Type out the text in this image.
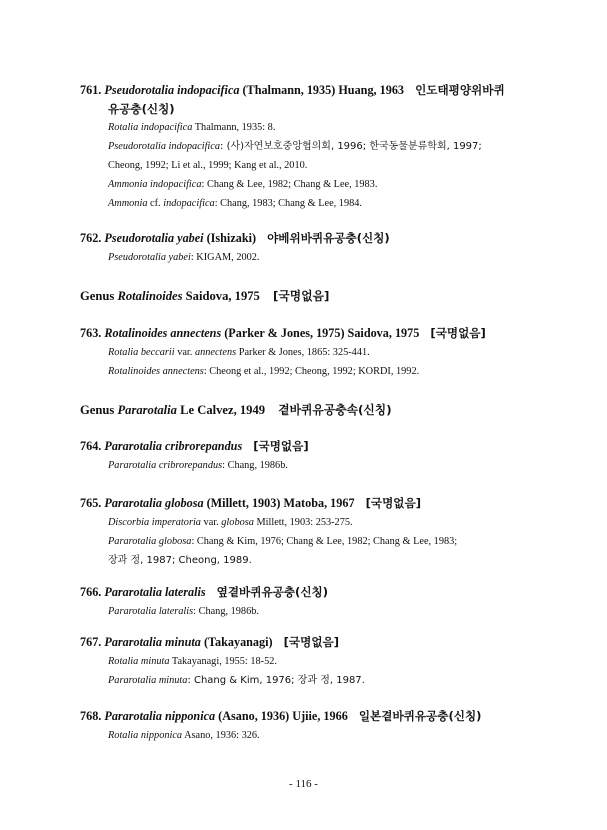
761. Pseudorotalia indopacifica (Thalmann, 1935) Huang, 1963 인도태평양위바퀴
유공충(신칭)
Rotalia indopacifica Thalmann, 1935: 8.
Pseudorotalia indopacifica: (사)자연보호중앙협의회, 1996; 한국동물분류학회, 1997;
Cheong, 1992; Li et al., 1999; Kang et al., 2010.
Ammonia indopacifica: Chang & Lee, 1982; Chang & Lee, 1983.
Ammonia cf. indopacifica: Chang, 1983; Chang & Lee, 1984.
762. Pseudorotalia yabei (Ishizaki) 야베위바퀴유공충(신칭)
Pseudorotalia yabei: KIGAM, 2002.
Genus Rotalinoides Saidova, 1975 [국명없음]
763. Rotalinoides annectens (Parker & Jones, 1975) Saidova, 1975 [국명없음]
Rotalia beccarii var. annectens Parker & Jones, 1865: 325-441.
Rotalinoides annectens: Cheong et al., 1992; Cheong, 1992; KORDI, 1992.
Genus Pararotalia Le Calvez, 1949 곁바퀴유공충속(신칭)
764. Pararotalia cribrorepandus [국명없음]
Pararotalia cribrorepandus: Chang, 1986b.
765. Pararotalia globosa (Millett, 1903) Matoba, 1967 [국명없음]
Discorbia imperatoria var. globosa Millett, 1903: 253-275.
Pararotalia globosa: Chang & Kim, 1976; Chang & Lee, 1982; Chang & Lee, 1983;
장과 정, 1987; Cheong, 1989.
766. Pararotalia lateralis 옆곁바퀴유공충(신칭)
Pararotalia lateralis: Chang, 1986b.
767. Pararotalia minuta (Takayanagi) [국명없음]
Rotalia minuta Takayanagi, 1955: 18-52.
Pararotalia minuta: Chang & Kim, 1976; 장과 정, 1987.
768. Pararotalia nipponica (Asano, 1936) Ujiie, 1966 일본곁바퀴유공충(신칭)
Rotalia nipponica Asano, 1936: 326.
- 116 -
